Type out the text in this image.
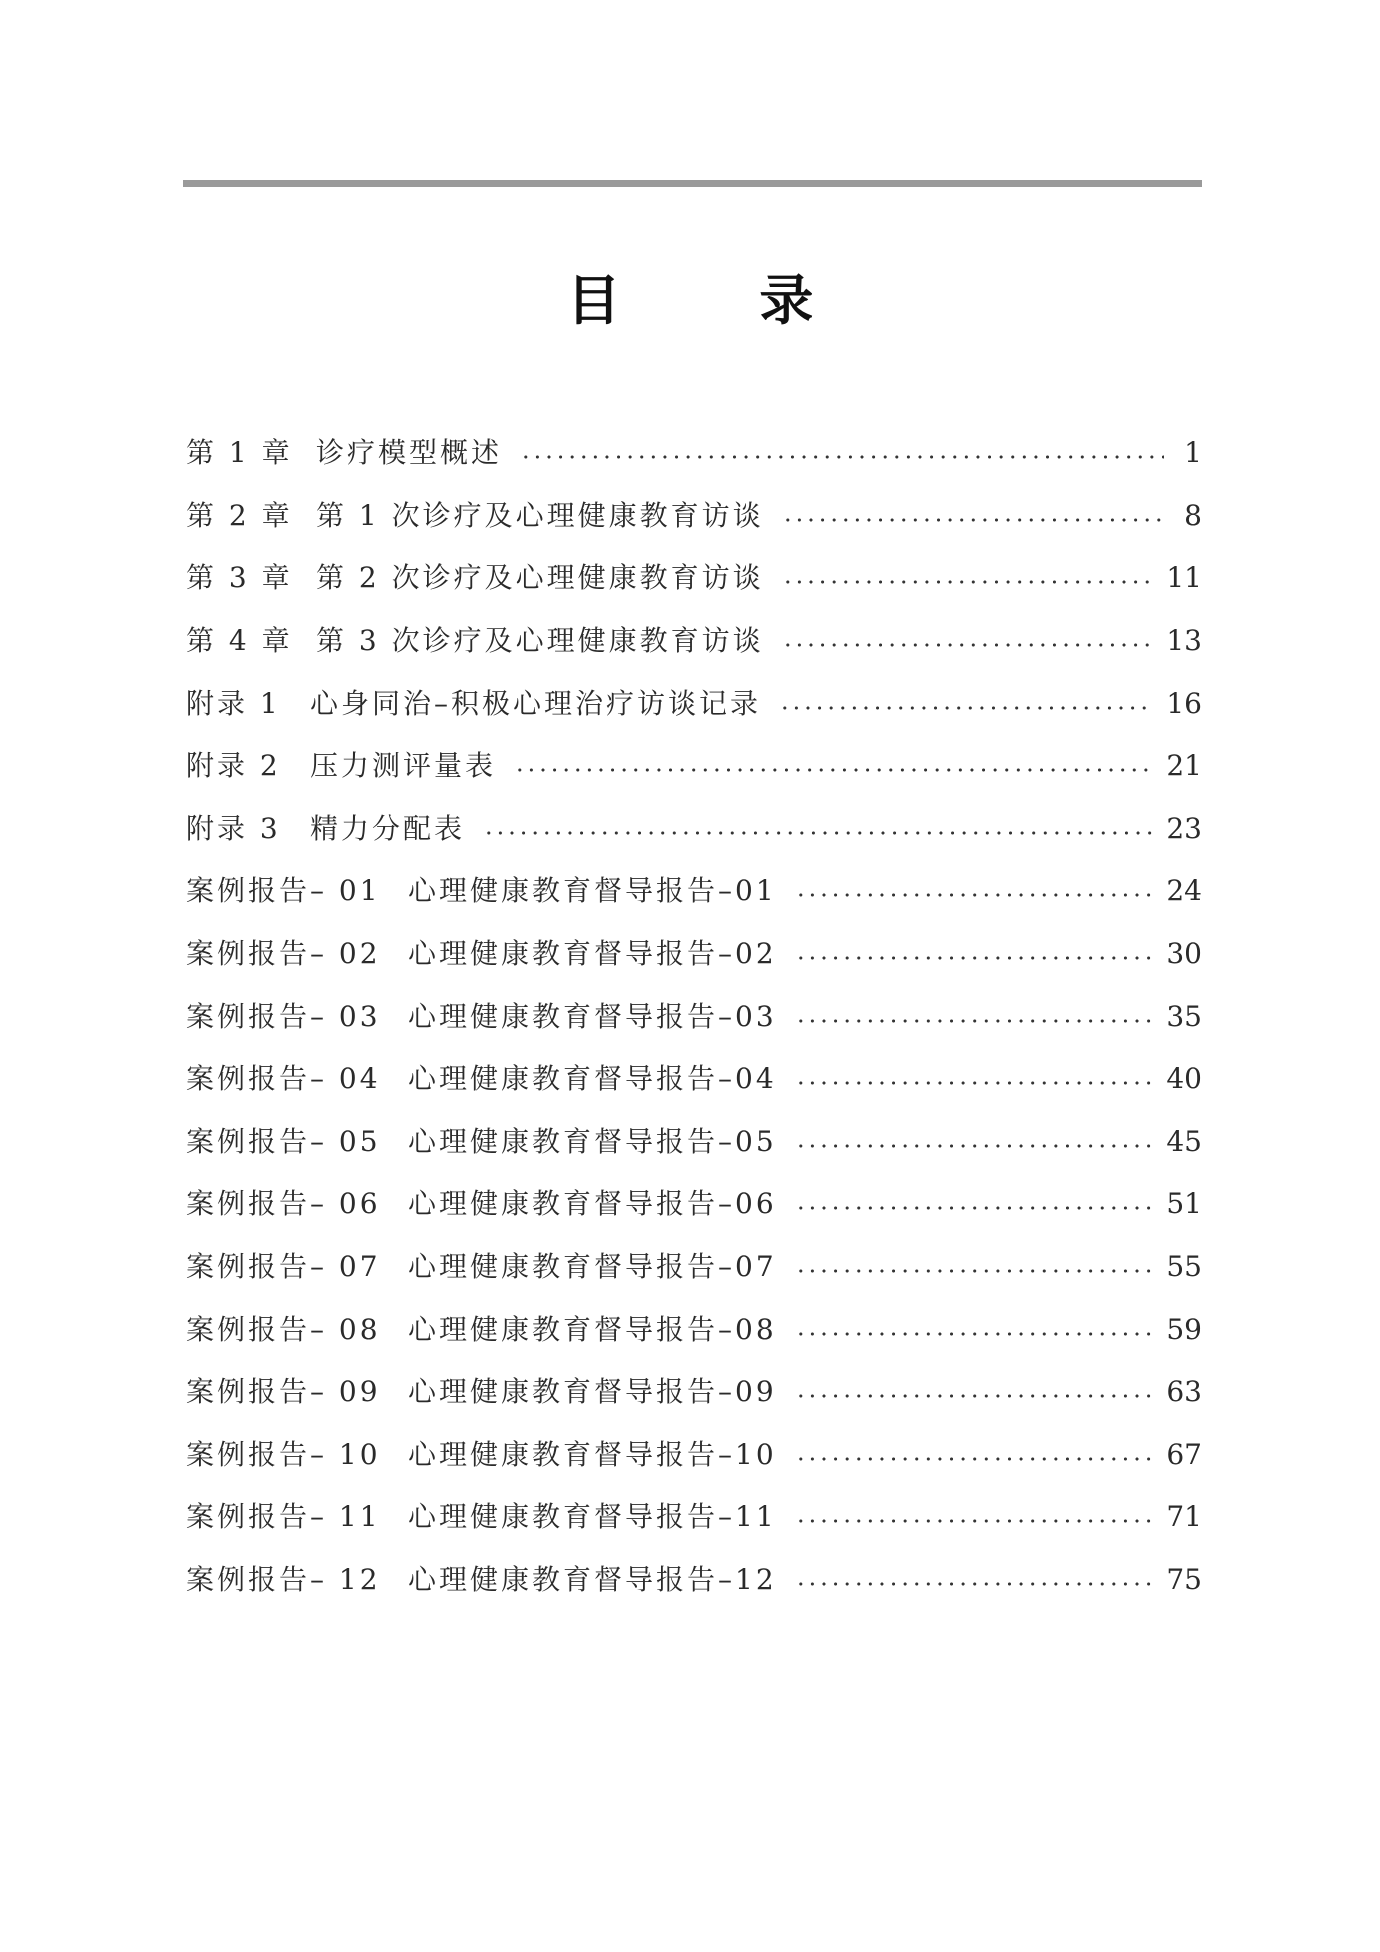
目 录
第 1 章 诊疗模型概述	1
第 2 章 第 1 次诊疗及心理健康教育访谈	8
第 3 章 第 2 次诊疗及心理健康教育访谈	11
第 4 章 第 3 次诊疗及心理健康教育访谈	13
附录 1	心身同治–积极心理治疗访谈记录	16
附录 2	压力测评量表	21
附录 3	精力分配表	23
案例报告– 01 心理健康教育督导报告–01	24
案例报告– 02 心理健康教育督导报告–02	30
案例报告– 03 心理健康教育督导报告–03	35
案例报告– 04 心理健康教育督导报告–04	40
案例报告– 05 心理健康教育督导报告–05	45
案例报告– 06 心理健康教育督导报告–06	51
案例报告– 07 心理健康教育督导报告–07	55
案例报告– 08 心理健康教育督导报告–08	59
案例报告– 09 心理健康教育督导报告–09	63
案例报告– 10 心理健康教育督导报告–10	67
案例报告– 11 心理健康教育督导报告–11	71
案例报告– 12 心理健康教育督导报告–12	75
